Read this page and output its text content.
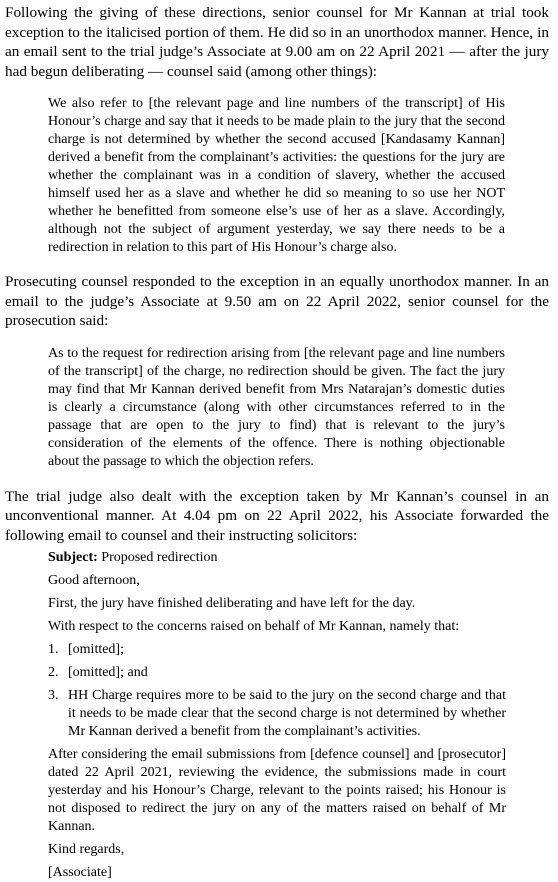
Following the giving of these directions, senior counsel for Mr Kannan at trial took exception to the italicised portion of them. He did so in an unorthodox manner. Hence, in an email sent to the trial judge’s Associate at 9.00 am on 22 April 2021 — after the jury had begun deliberating — counsel said (among other things):

We also refer to [the relevant page and line numbers of the transcript] of His Honour’s charge and say that it needs to be made plain to the jury that the second charge is not determined by whether the second accused [Kandasamy Kannan] derived a benefit from the complainant’s activities: the questions for the jury are whether the complainant was in a condition of slavery, whether the accused himself used her as a slave and whether he did so meaning to so use her NOT whether he benefitted from someone else’s use of her as a slave. Accordingly, although not the subject of argument yesterday, we say there needs to be a redirection in relation to this part of His Honour’s charge also.

Prosecuting counsel responded to the exception in an equally unorthodox manner. In an email to the judge’s Associate at 9.50 am on 22 April 2022, senior counsel for the prosecution said:

As to the request for redirection arising from [the relevant page and line numbers of the transcript] of the charge, no redirection should be given. The fact the jury may find that Mr Kannan derived benefit from Mrs Natarajan’s domestic duties is clearly a circumstance (along with other circumstances referred to in the passage that are open to the jury to find) that is relevant to the jury’s consideration of the elements of the offence. There is nothing objectionable about the passage to which the objection refers.

The trial judge also dealt with the exception taken by Mr Kannan’s counsel in an unconventional manner. At 4.04 pm on 22 April 2022, his Associate forwarded the following email to counsel and their instructing solicitors:

Subject: Proposed redirection

Good afternoon,

First, the jury have finished deliberating and have left for the day.

With respect to the concerns raised on behalf of Mr Kannan, namely that:

1. [omitted];
2. [omitted]; and
3. HH Charge requires more to be said to the jury on the second charge and that it needs to be made clear that the second charge is not determined by whether Mr Kannan derived a benefit from the complainant’s activities.

After considering the email submissions from [defence counsel] and [prosecutor] dated 22 April 2021, reviewing the evidence, the submissions made in court yesterday and his Honour’s Charge, relevant to the points raised; his Honour is not disposed to redirect the jury on any of the matters raised on behalf of Mr Kannan.

Kind regards,

[Associate]
